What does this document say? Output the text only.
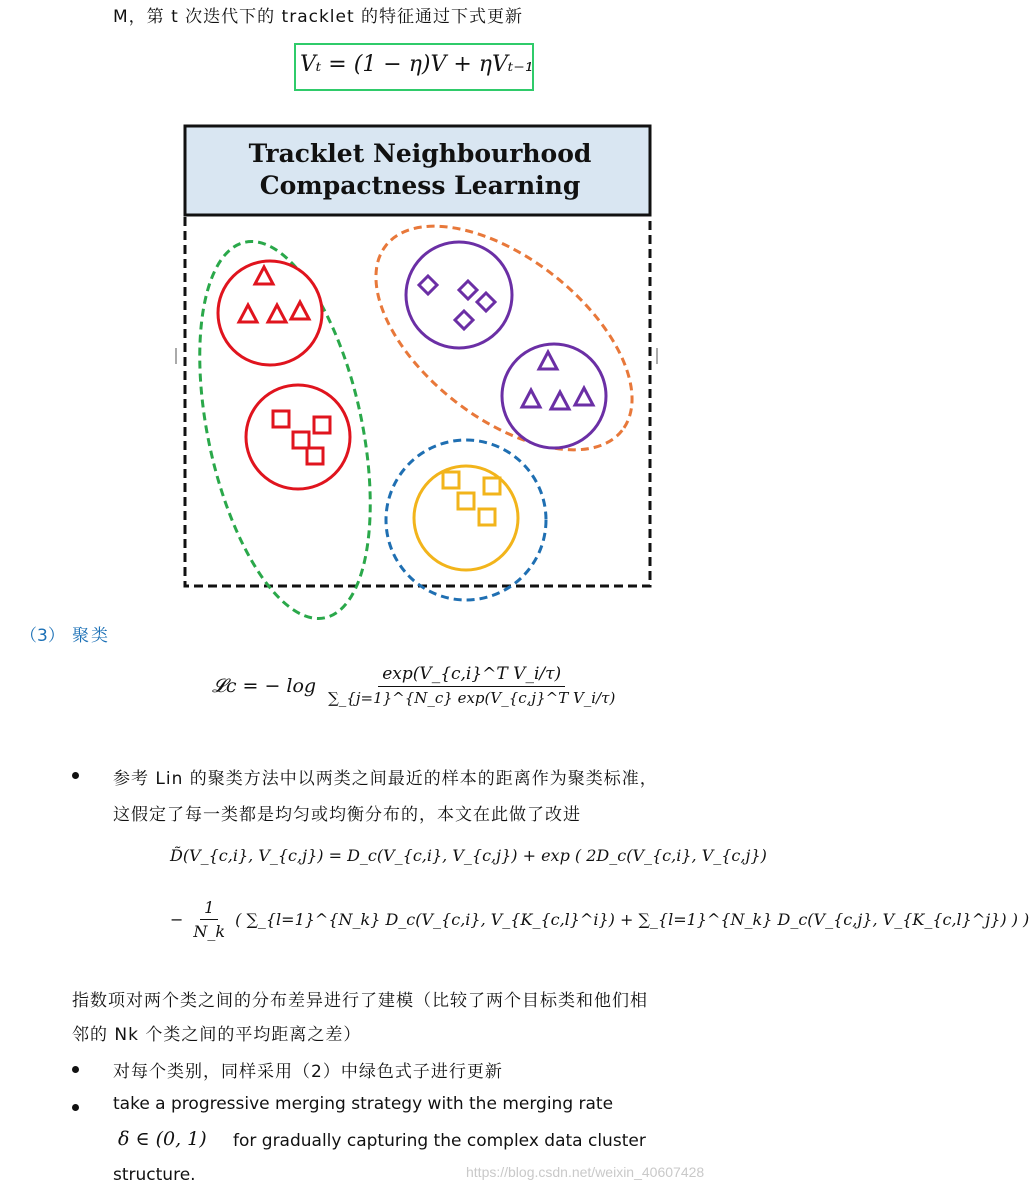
M，第 t 次迭代下的 tracklet 的特征通过下式更新
Vₜ = (1 − η)V + ηVₜ₋₁
Tracklet Neighbourhood
Compactness Learning
（3） 聚类
𝓛c = − $\log \frac{\text{exp(V\_\{c,i\}\textasciicircum{}T V\_i/τ)}}{\text{∑\_\{j=1\}\textasciicircum{}\{N\_c\} exp(V\_\{c,j\}\textasciicircum{}T V\_i/τ)}}$
参考 Lin 的聚类方法中以两类之间最近的样本的距离作为聚类标准，
这假定了每一类都是均匀或均衡分布的，本文在此做了改进
D̃(V_{c,i}, V_{c,j}) = D_c(V_{c,i}, V_{c,j}) + exp ( 2D_c(V_{c,i}, V_{c,j})
− $\frac{1}{N\_k}$ ( ∑_{l=1}^{N_k} D_c(V_{c,i}, V_{K_{c,l}^i}) + ∑_{l=1}^{N_k} D_c(V_{c,j}, V_{K_{c,l}^j}) ) )
指数项对两个类之间的分布差异进行了建模（比较了两个目标类和他们相
邻的 Nk 个类之间的平均距离之差）
对每个类别，同样采用（2）中绿色式子进行更新
take a progressive merging strategy with the merging rate
δ ∈ (0, 1) for gradually capturing the complex data cluster
structure.	https://blog.csdn.net/weixin_40607428
